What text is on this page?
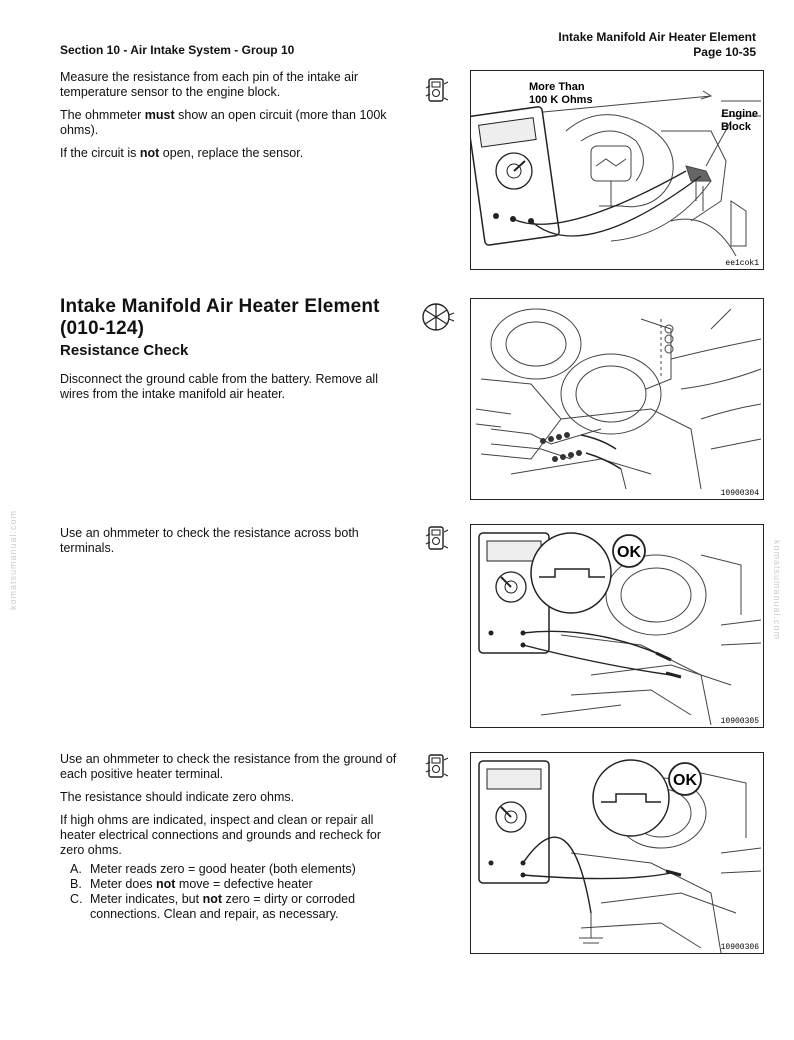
Section 10 - Air Intake System - Group 10
Intake Manifold Air Heater Element
Page 10-35

Measure the resistance from each pin of the intake air temperature sensor to the engine block.

The ohmmeter must show an open circuit (more than 100k ohms).

If the circuit is not open, replace the sensor.

More Than
100 K Ohms
Engine
Block
ee1cok1
Intake Manifold Air Heater Element
(010-124)
Resistance Check

Disconnect the ground cable from the battery. Remove all wires from the intake manifold air heater.

10900304

Use an ohmmeter to check the resistance across both terminals.	OK
10900305

Use an ohmmeter to check the resistance from the ground of each positive heater terminal.

The resistance should indicate zero ohms.

If high ohms are indicated, inspect and clean or repair all heater electrical connections and grounds and recheck for zero ohms.

A. Meter reads zero = good heater (both elements)
B. Meter does not move = defective heater
C. Meter indicates, but not zero = dirty or corroded connections. Clean and repair, as necessary.
OK
10900306
komatsumanual.com	komatsumanual.com
